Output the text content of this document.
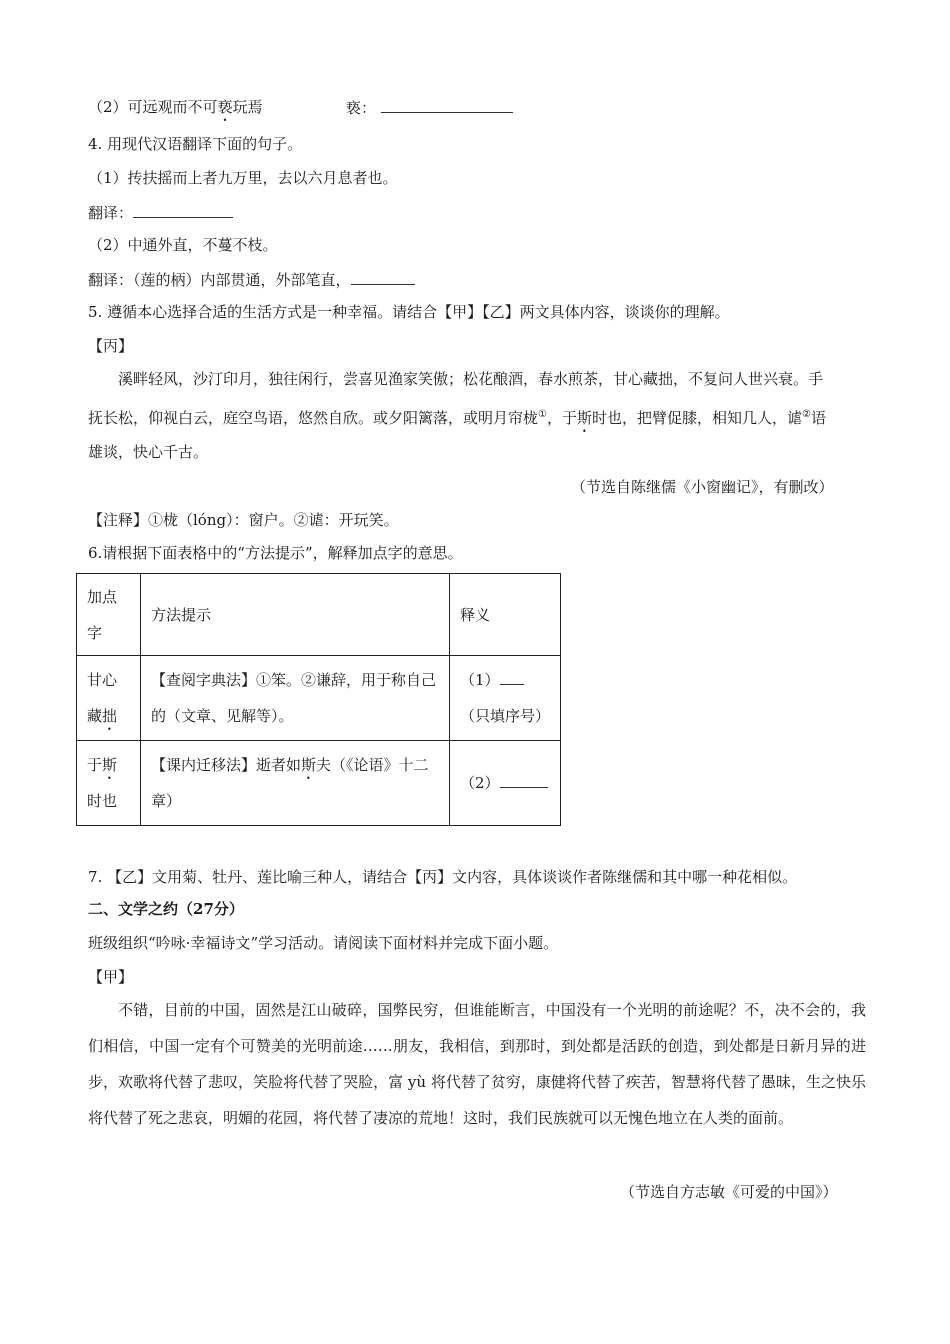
（2）可远观而不可亵玩焉	亵：
4. 用现代汉语翻译下面的句子。
（1）抟扶摇而上者九万里，去以六月息者也。
翻译：
（2）中通外直，不蔓不枝。
翻译：（莲的柄）内部贯通，外部笔直，
5. 遵循本心选择合适的生活方式是一种幸福。请结合【甲】【乙】两文具体内容，谈谈你的理解。
【丙】
溪畔轻风，沙汀印月，独往闲行，尝喜见渔家笑傲；松花酿酒，春水煎茶，甘心藏拙，不复问人世兴衰。手
抚长松，仰视白云，庭空鸟语，悠然自欣。或夕阳篱落，或明月帘栊①，于斯时也，把臂促膝，相知几人，谑②语
雄谈，快心千古。
（节选自陈继儒《小窗幽记》，有删改）
【注释】①栊（lóng）：窗户。②谑：开玩笑。
6.请根据下面表格中的“方法提示”，解释加点字的意思。
加点字	方法提示	释义
甘心藏拙	【查阅字典法】①笨。②谦辞，用于称自己的（文章、见解等）。	（1）（只填序号）
于斯时也	【课内迁移法】逝者如斯夫（《论语》十二章）	（2）
7. 【乙】文用菊、牡丹、莲比喻三种人，请结合【丙】文内容，具体谈谈作者陈继儒和其中哪一种花相似。
二、文学之约（27分）
班级组织“吟咏·幸福诗文”学习活动。请阅读下面材料并完成下面小题。
【甲】
不错，目前的中国，固然是江山破碎，国弊民穷，但谁能断言，中国没有一个光明的前途呢？不，决不会的，我们相信，中国一定有个可赞美的光明前途……朋友，我相信，到那时，到处都是活跃的创造，到处都是日新月异的进步，欢歌将代替了悲叹，笑脸将代替了哭脸，富 yù 将代替了贫穷，康健将代替了疾苦，智慧将代替了愚昧，生之快乐将代替了死之悲哀，明媚的花园，将代替了凄凉的荒地！这时，我们民族就可以无愧色地立在人类的面前。
（节选自方志敏《可爱的中国》）
